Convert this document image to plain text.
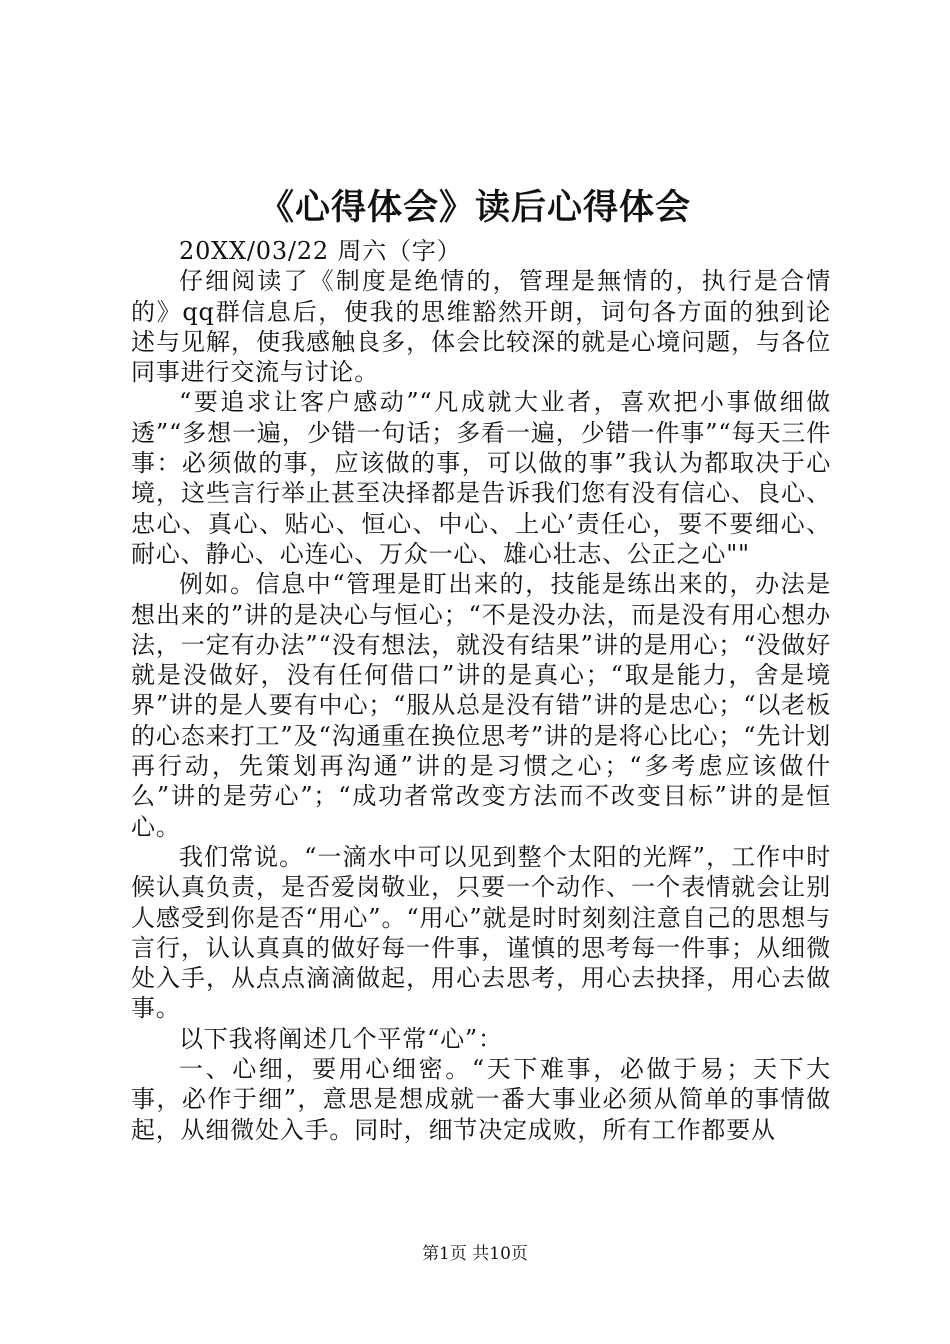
《心得体会》读后心得体会

20XX/03/22 周六（字）

仔细阅读了《制度是绝情的，管理是無情的，执行是合情的》qq群信息后，使我的思维豁然开朗，词句各方面的独到论述与见解，使我感触良多，体会比较深的就是心境问题，与各位同事进行交流与讨论。

“要追求让客户感动”“凡成就大业者，喜欢把小事做细做透”“多想一遍，少错一句话；多看一遍，少错一件事”“每天三件事：必须做的事，应该做的事，可以做的事”我认为都取决于心境，这些言行举止甚至决择都是告诉我们您有没有信心、良心、忠心、真心、贴心、恒心、中心、上心’责任心，要不要细心、耐心、静心、心连心、万众一心、雄心壮志、公正之心""

例如。信息中“管理是盯出来的，技能是练出来的，办法是想出来的”讲的是决心与恒心；“不是没办法，而是没有用心想办法，一定有办法”“没有想法，就没有结果”讲的是用心；“没做好就是没做好，没有任何借口”讲的是真心；“取是能力，舍是境界”讲的是人要有中心；“服从总是没有错”讲的是忠心；“以老板的心态来打工”及“沟通重在换位思考”讲的是将心比心；“先计划再行动，先策划再沟通”讲的是习惯之心；“多考虑应该做什么”讲的是劳心”；“成功者常改变方法而不改变目标”讲的是恒心。

我们常说。“一滴水中可以见到整个太阳的光辉”，工作中时候认真负责，是否爱岗敬业，只要一个动作、一个表情就会让别人感受到你是否“用心”。“用心”就是时时刻刻注意自己的思想与言行，认认真真的做好每一件事，谨慎的思考每一件事；从细微处入手，从点点滴滴做起，用心去思考，用心去抉择，用心去做事。

以下我将阐述几个平常“心”：

一、心细，要用心细密。“天下难事，必做于易；天下大事，必作于细”，意思是想成就一番大事业必须从简单的事情做起，从细微处入手。同时，细节决定成败，所有工作都要从

第1页 共10页
